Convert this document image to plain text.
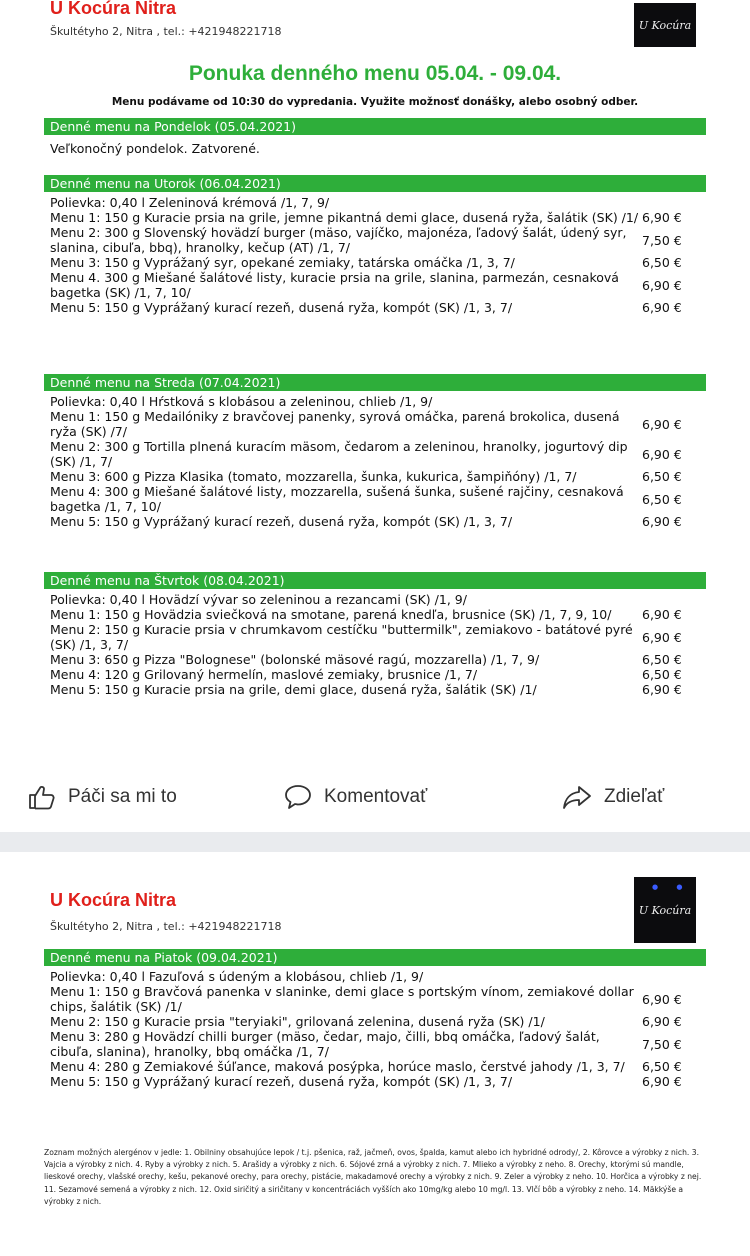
U Kocúra Nitra
Škultétyho 2, Nitra , tel.: +421948221718	U Kocúra
Ponuka denného menu 05.04. - 09.04.
Menu podávame od 10:30 do vypredania. Využite možnosť donášky, alebo osobný odber.
Denné menu na Pondelok (05.04.2021)
Veľkonočný pondelok. Zatvorené.
Denné menu na Utorok (06.04.2021)
Polievka: 0,40 l Zeleninová krémová /1, 7, 9/
Menu 1: 150 g Kuracie prsia na grile, jemne pikantná demi glace, dusená ryža, šalátik (SK) /1/ 6,90 €
Menu 2: 300 g Slovenský hovädzí burger (mäso, vajíčko, majonéza, ľadový šalát, údený syr, slanina, cibuľa, bbq), hranolky, kečup (AT) /1, 7/	7,50 €
Menu 3: 150 g Vyprážaný syr, opekané zemiaky, tatárska omáčka /1, 3, 7/	6,50 €
Menu 4. 300 g Miešané šalátové listy, kuracie prsia na grile, slanina, parmezán, cesnaková bagetka (SK) /1, 7, 10/	6,90 €
Menu 5: 150 g Vyprážaný kurací rezeň, dusená ryža, kompót (SK) /1, 3, 7/	6,90 €
Denné menu na Streda (07.04.2021)
Polievka: 0,40 l Hŕstková s klobásou a zeleninou, chlieb /1, 9/
Menu 1: 150 g Medailóniky z bravčovej panenky, syrová omáčka, parená brokolica, dusená ryža (SK) /7/	6,90 €
Menu 2: 300 g Tortilla plnená kuracím mäsom, čedarom a zeleninou, hranolky, jogurtový dip (SK) /1, 7/	6,90 €
Menu 3: 600 g Pizza Klasika (tomato, mozzarella, šunka, kukurica, šampiňóny) /1, 7/	6,50 €
Menu 4: 300 g Miešané šalátové listy, mozzarella, sušená šunka, sušené rajčiny, cesnaková bagetka /1, 7, 10/	6,50 €
Menu 5: 150 g Vyprážaný kurací rezeň, dusená ryža, kompót (SK) /1, 3, 7/	6,90 €
Denné menu na Štvrtok (08.04.2021)
Polievka: 0,40 l Hovädzí vývar so zeleninou a rezancami (SK) /1, 9/
Menu 1: 150 g Hovädzia sviečková na smotane, parená knedľa, brusnice (SK) /1, 7, 9, 10/	6,90 €
Menu 2: 150 g Kuracie prsia v chrumkavom cestíčku "buttermilk", zemiakovo - batátové pyré (SK) /1, 3, 7/	6,90 €
Menu 3: 650 g Pizza "Bolognese" (bolonské mäsové ragú, mozzarella) /1, 7, 9/	6,50 €
Menu 4: 120 g Grilovaný hermelín, maslové zemiaky, brusnice /1, 7/	6,50 €
Menu 5: 150 g Kuracie prsia na grile, demi glace, dusená ryža, šalátik (SK) /1/	6,90 €
Páči sa mi to	Komentovať	Zdieľať
U Kocúra Nitra
Škultétyho 2, Nitra , tel.: +421948221718
● ●
U Kocúra
Denné menu na Piatok (09.04.2021)
Polievka: 0,40 l Fazuľová s údeným a klobásou, chlieb /1, 9/
Menu 1: 150 g Bravčová panenka v slaninke, demi glace s portským vínom, zemiakové dollar chips, šalátik (SK) /1/	6,90 €
Menu 2: 150 g Kuracie prsia "teryiaki", grilovaná zelenina, dusená ryža (SK) /1/	6,90 €
Menu 3: 280 g Hovädzí chilli burger (mäso, čedar, majo, čilli, bbq omáčka, ľadový šalát, cibuľa, slanina), hranolky, bbq omáčka /1, 7/	7,50 €
Menu 4: 280 g Zemiakové šúľance, maková posýpka, horúce maslo, čerstvé jahody /1, 3, 7/	6,50 €
Menu 5: 150 g Vyprážaný kurací rezeň, dusená ryža, kompót (SK) /1, 3, 7/	6,90 €
Zoznam možných alergénov v jedle: 1. Obilniny obsahujúce lepok / t.j. pšenica, raž, jačmeň, ovos, špalda, kamut alebo ich hybridné odrody/, 2. Kôrovce a výrobky z nich. 3. Vajcia a výrobky z nich. 4. Ryby a výrobky z nich. 5. Arašidy a výrobky z nich. 6. Sójové zrná a výrobky z nich. 7. Mlieko a výrobky z neho. 8. Orechy, ktorými sú mandle, lieskové orechy, vlašské orechy, kešu, pekanové orechy, para orechy, pistácie, makadamové orechy a výrobky z nich. 9. Zeler a výrobky z neho. 10. Horčica a výrobky z nej. 11. Sezamové semená a výrobky z nich. 12. Oxid siričitý a siričitany v koncentráciách vyšších ako 10mg/kg alebo 10 mg/l. 13. Vlčí bôb a výrobky z neho. 14. Mäkkýše a výrobky z nich.
